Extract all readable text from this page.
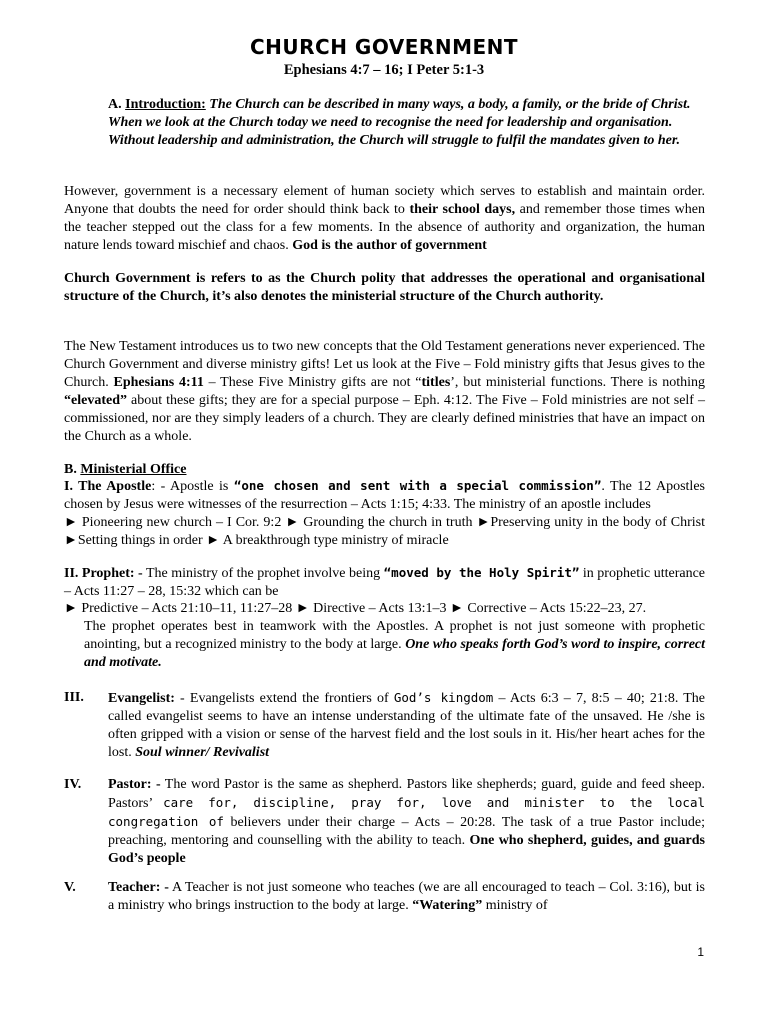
CHURCH GOVERNMENT
Ephesians 4:7 – 16; I Peter 5:1-3

A. Introduction: The Church can be described in many ways, a body, a family, or the bride of Christ. When we look at the Church today we need to recognise the need for leadership and organisation. Without leadership and administration, the Church will struggle to fulfil the mandates given to her.

However, government is a necessary element of human society which serves to establish and maintain order. Anyone that doubts the need for order should think back to their school days, and remember those times when the teacher stepped out the class for a few moments. In the absence of authority and organization, the human nature lends toward mischief and chaos. God is the author of government

Church Government is refers to as the Church polity that addresses the operational and organisational structure of the Church, it’s also denotes the ministerial structure of the Church authority.

The New Testament introduces us to two new concepts that the Old Testament generations never experienced. The Church Government and diverse ministry gifts! Let us look at the Five – Fold ministry gifts that Jesus gives to the Church. Ephesians 4:11 – These Five Ministry gifts are not “titles’, but ministerial functions. There is nothing “elevated” about these gifts; they are for a special purpose – Eph. 4:12. The Five – Fold ministries are not self – commissioned, nor are they simply leaders of a church. They are clearly defined ministries that have an impact on the Church as a whole.

B. Ministerial Office

I. The Apostle: - Apostle is “one chosen and sent with a special commission”. The 12 Apostles chosen by Jesus were witnesses of the resurrection – Acts 1:15; 4:33. The ministry of an apostle includes
► Pioneering new church – I Cor. 9:2 ► Grounding the church in truth ►Preserving unity in the body of Christ ►Setting things in order ► A breakthrough type ministry of miracle

II. Prophet: - The ministry of the prophet involve being “moved by the Holy Spirit” in prophetic utterance – Acts 11:27 – 28, 15:32 which can be

► Predictive – Acts 21:10–11, 11:27–28 ► Directive – Acts 13:1–3 ► Corrective – Acts 15:22–23, 27.

The prophet operates best in teamwork with the Apostles. A prophet is not just someone with prophetic anointing, but a recognized ministry to the body at large. One who speaks forth God’s word to inspire, correct and motivate.

III. Evangelist: - Evangelists extend the frontiers of God’s kingdom – Acts 6:3 – 7, 8:5 – 40; 21:8. The called evangelist seems to have an intense understanding of the ultimate fate of the unsaved. He /she is often gripped with a vision or sense of the harvest field and the lost souls in it. His/her heart aches for the lost. Soul winner/ Revivalist

IV. Pastor: - The word Pastor is the same as shepherd. Pastors like shepherds; guard, guide and feed sheep. Pastors’ care for, discipline, pray for, love and minister to the local congregation of believers under their charge – Acts – 20:28. The task of a true Pastor include; preaching, mentoring and counselling with the ability to teach. One who shepherd, guides, and guards God’s people

V. Teacher: - A Teacher is not just someone who teaches (we are all encouraged to teach – Col. 3:16), but is a ministry who brings instruction to the body at large. “Watering” ministry of

1
